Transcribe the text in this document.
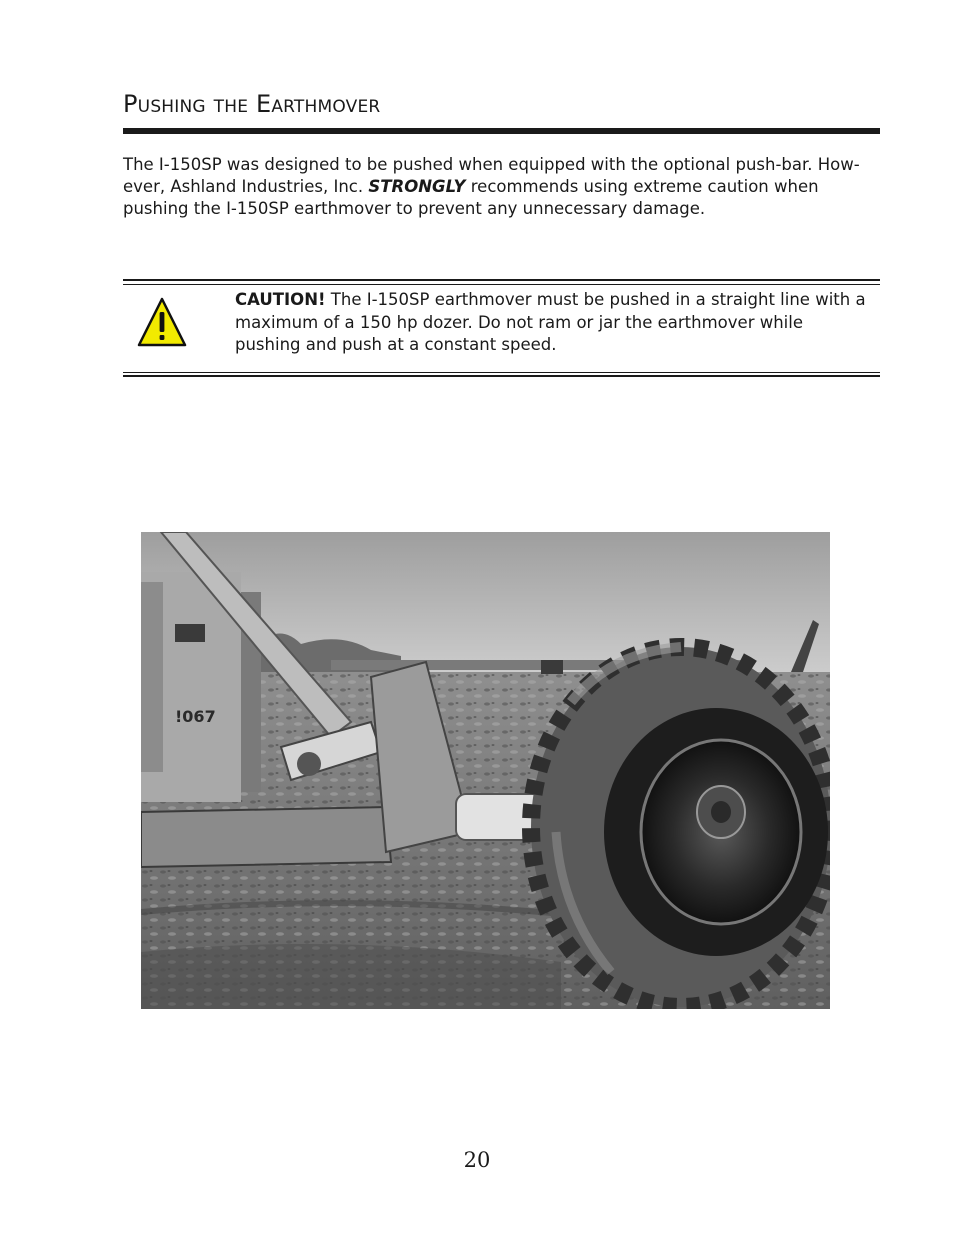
Pushing the Earthmover
The I-150SP was designed to be pushed when equipped with the optional push-bar. How-
ever, Ashland Industries, Inc. STRONGLY recommends using extreme caution when
pushing the I-150SP earthmover to prevent any unnecessary damage.
CAUTION! The I-150SP earthmover must be pushed in a straight line with a
maximum of a 150 hp dozer. Do not ram or jar the earthmover while
pushing and push at a constant speed.
!067
20
